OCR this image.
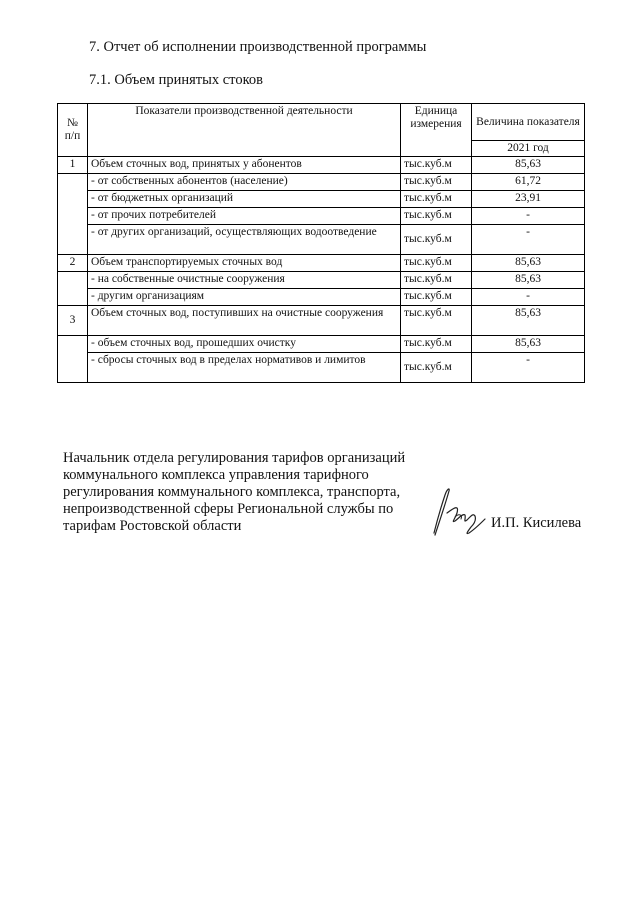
7. Отчет об исполнении производственной программы
7.1. Объем принятых стоков
№ п/п	Показатели производственной деятельности	Единица измерения	Величина показателя
			2021 год
1	Объем сточных вод, принятых у абонентов	тыс.куб.м	85,63
	- от собственных абонентов (население)	тыс.куб.м	61,72
	- от бюджетных организаций	тыс.куб.м	23,91
	- от прочих потребителей	тыс.куб.м	-
	- от других организаций, осуществляющих водоотведение	тыс.куб.м	-
2	Объем транспортируемых сточных вод	тыс.куб.м	85,63
	- на собственные очистные сооружения	тыс.куб.м	85,63
	- другим организациям	тыс.куб.м	-
3	Объем сточных вод, поступивших на очистные сооружения	тыс.куб.м	85,63
	- объем сточных вод, прошедших очистку	тыс.куб.м	85,63
	- сбросы сточных вод в пределах нормативов и лимитов	тыс.куб.м	-
Начальник отдела регулирования тарифов организаций коммунального комплекса управления тарифного регулирования коммунального комплекса, транспорта, непроизводственной сферы Региональной службы по тарифам Ростовской области	И.П. Кисилева
